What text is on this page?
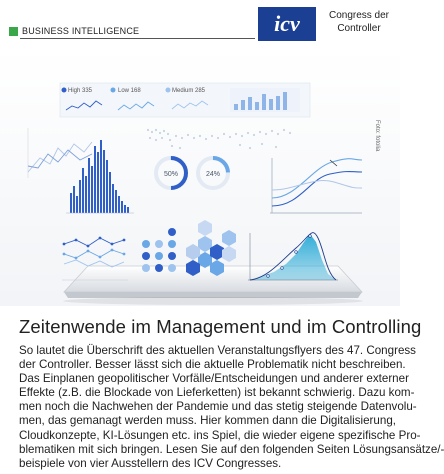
BUSINESS INTELLIGENCE	icv	Congress der
Controller
High 335	Low 168	Medium 285
50%	24%
Foto: fotolia
Zeitenwende im Management und im Controlling
So lautet die Überschrift des aktuellen Veranstaltungsflyers des 47. Congress
der Controller. Besser lässt sich die aktuelle Problematik nicht beschreiben.
Das Einplanen geopolitischer Vorfälle/Entscheidungen und anderer externer
Effekte (z.B. die Blockade von Lieferketten) ist bekannt schwierig. Dazu kom-
men noch die Nachwehen der Pandemie und das stetig steigende Datenvolu-
men, das gemanagt werden muss. Hier kommen dann die Digitalisierung,
Cloudkonzepte, KI-Lösungen etc. ins Spiel, die wieder eigene spezifische Pro-
blematiken mit sich bringen. Lesen Sie auf den folgenden Seiten Lösungsansätze/-
beispiele von vier Ausstellern des ICV Congresses.
